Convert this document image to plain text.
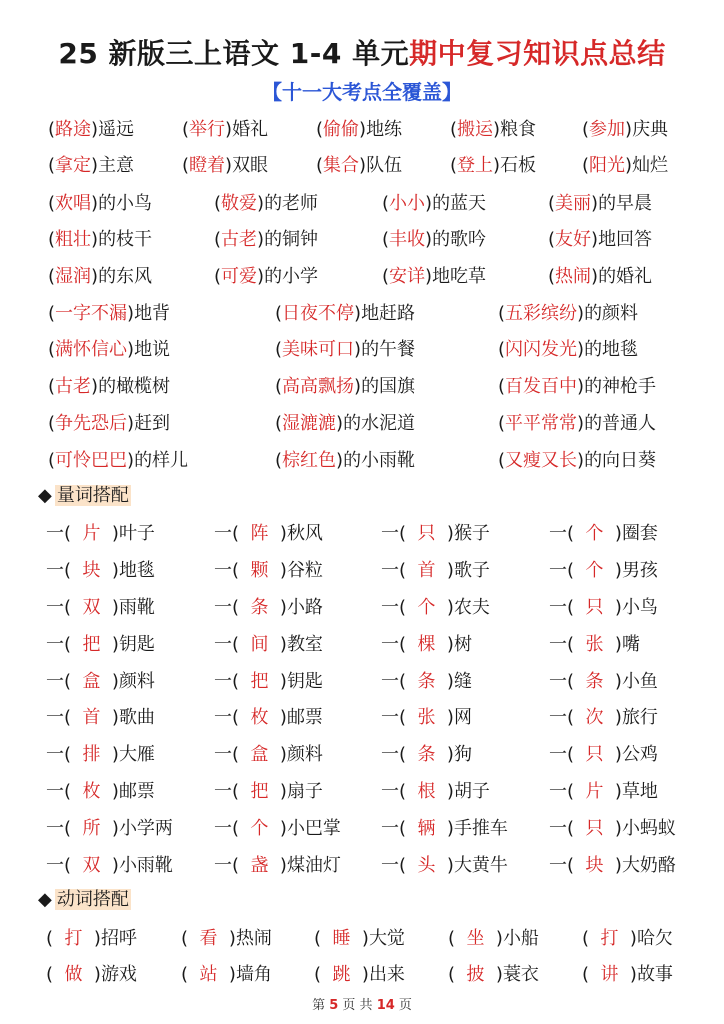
25 新版三上语文 1-4 单元期中复习知识点总结
【十一大考点全覆盖】
(路途)遥远	(举行)婚礼	(偷偷)地练	(搬运)粮食	(参加)庆典
(拿定)主意	(瞪着)双眼	(集合)队伍	(登上)石板	(阳光)灿烂
(欢唱)的小鸟	(敬爱)的老师	(小小)的蓝天	(美丽)的早晨
(粗壮)的枝干	(古老)的铜钟	(丰收)的歌吟	(友好)地回答
(湿润)的东风	(可爱)的小学	(安详)地吃草	(热闹)的婚礼
(一字不漏)地背	(日夜不停)地赶路	(五彩缤纷)的颜料
(满怀信心)地说	(美味可口)的午餐	(闪闪发光)的地毯
(古老)的橄榄树	(高高飘扬)的国旗	(百发百中)的神枪手
(争先恐后)赶到	(湿漉漉)的水泥道	(平平常常)的普通人
(可怜巴巴)的样儿	(棕红色)的小雨靴	(又瘦又长)的向日葵
◆ 量词搭配
一(  片  )叶子	一(  阵  )秋风	一(  只  )猴子	一(  个  )圈套
一(  块  )地毯	一(  颗  )谷粒	一(  首  )歌子	一(  个  )男孩
一(  双  )雨靴	一(  条  )小路	一(  个  )农夫	一(  只  )小鸟
一(  把  )钥匙	一(  间  )教室	一(  棵  )树	一(  张  )嘴
一(  盒  )颜料	一(  把  )钥匙	一(  条  )缝	一(  条  )小鱼
一(  首  )歌曲	一(  枚  )邮票	一(  张  )网	一(  次  )旅行
一(  排  )大雁	一(  盒  )颜料	一(  条  )狗	一(  只  )公鸡
一(  枚  )邮票	一(  把  )扇子	一(  根  )胡子	一(  片  )草地
一(  所  )小学两 一(  个  )小巴掌 一(  辆  )手推车 一(  只  )小蚂蚁
一(  双  )小雨靴 一(  盏  )煤油灯 一(  头  )大黄牛 一(  块  )大奶酪
◆ 动词搭配
(  打  )招呼 (  看  )热闹 (  睡  )大觉 (  坐  )小船 (  打  )哈欠
(  做  )游戏 (  站  )墙角 (  跳  )出来 (  披  )蓑衣 (  讲  )故事
第 5 页 共 14 页
